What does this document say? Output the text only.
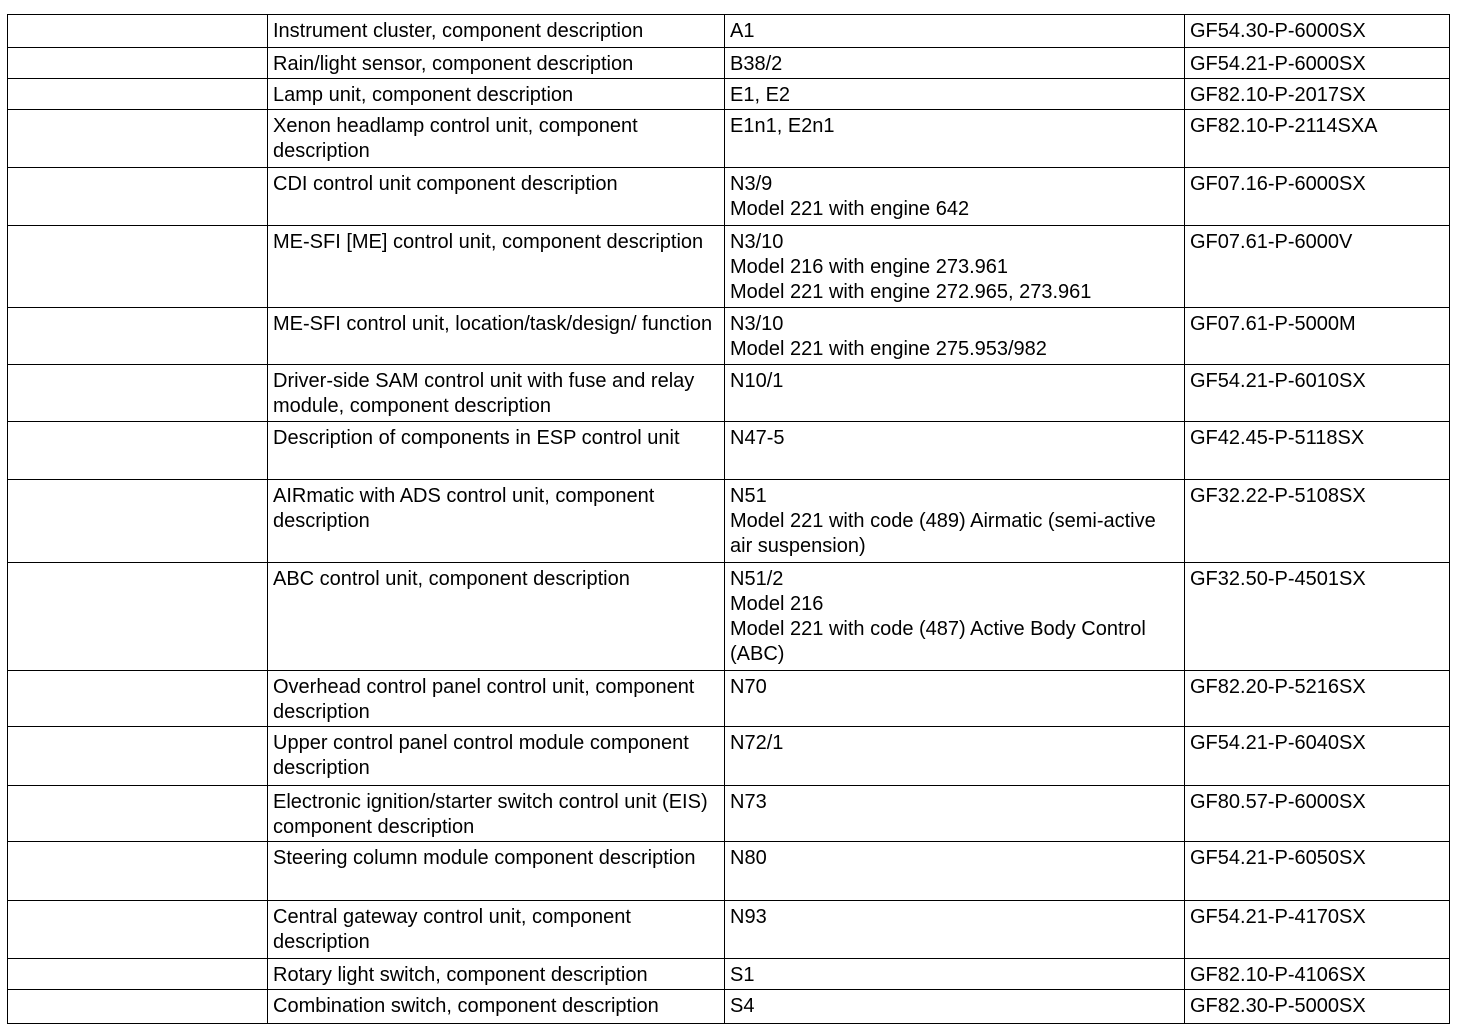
	Instrument cluster, component description	A1	GF54.30-P-6000SX

	Rain/light sensor, component description	B38/2	GF54.21-P-6000SX

	Lamp unit, component description	E1, E2	GF82.10-P-2017SX

	Xenon headlamp control unit, component description	E1n1, E2n1	GF82.10-P-2114SXA

	CDI control unit component description	N3/9
Model 221 with engine 642	GF07.16-P-6000SX

	ME-SFI [ME] control unit, component description	N3/10
Model 216 with engine 273.961
Model 221 with engine 272.965, 273.961	GF07.61-P-6000V

	ME-SFI control unit, location/task/design/ function	N3/10
Model 221 with engine 275.953/982	GF07.61-P-5000M

	Driver-side SAM control unit with fuse and relay module, component description	N10/1	GF54.21-P-6010SX

	Description of components in ESP control unit	N47-5	GF42.45-P-5118SX

	AIRmatic with ADS control unit, component description	N51
Model 221 with code (489) Airmatic (semi-active air suspension)	GF32.22-P-5108SX

	ABC control unit, component description	N51/2
Model 216
Model 221 with code (487) Active Body Control (ABC)	GF32.50-P-4501SX

	Overhead control panel control unit, component description	N70	GF82.20-P-5216SX

	Upper control panel control module component description	N72/1	GF54.21-P-6040SX

	Electronic ignition/starter switch control unit (EIS) component description	N73	GF80.57-P-6000SX

	Steering column module component description	N80	GF54.21-P-6050SX

	Central gateway control unit, component description	N93	GF54.21-P-4170SX

	Rotary light switch, component description	S1	GF82.10-P-4106SX

	Combination switch, component description	S4	GF82.30-P-5000SX
